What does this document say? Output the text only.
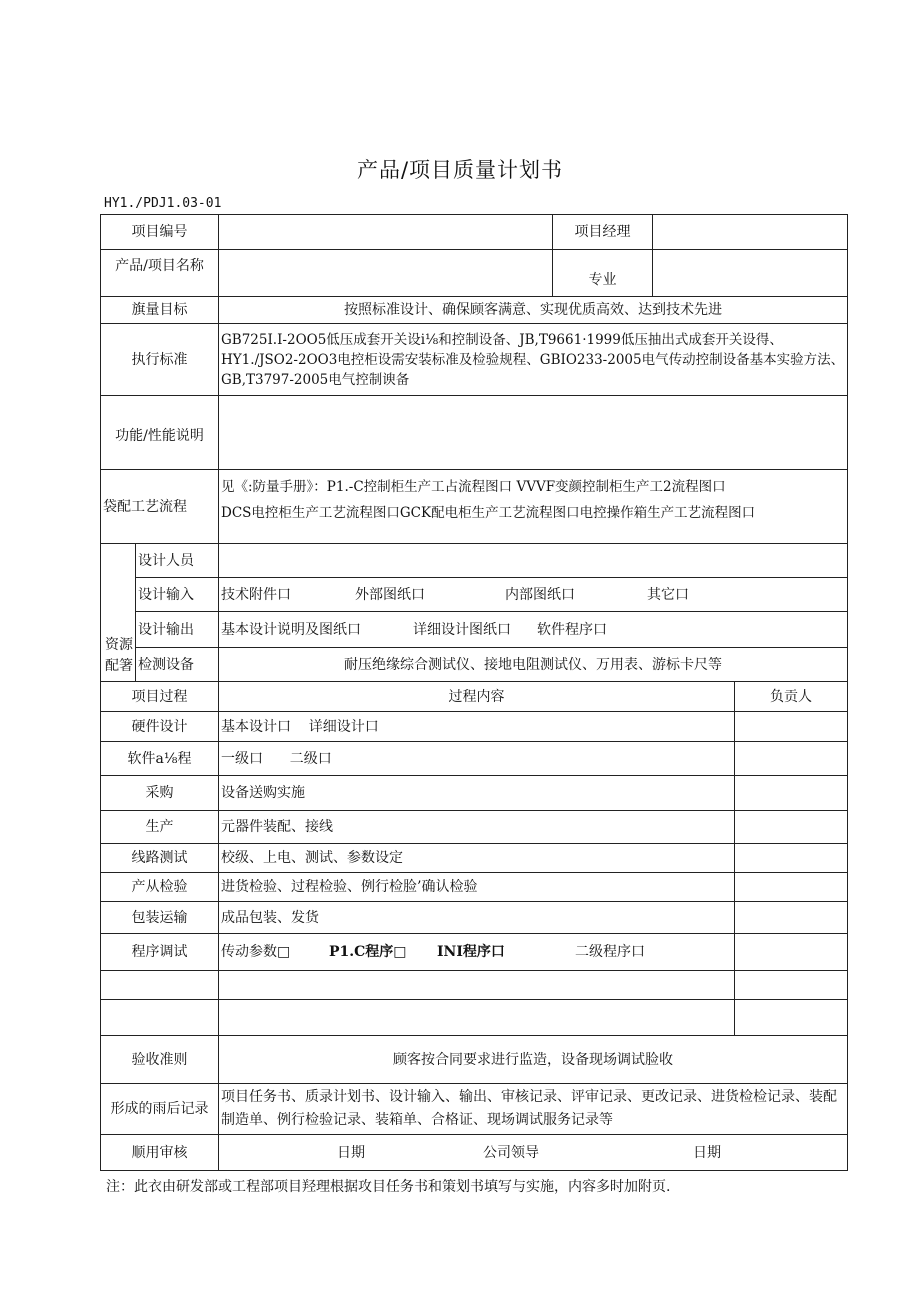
产品/项目质量计划书
HY1./PDJ1.03-01
项目编号			项目经理		
产品/项目名称			专业		
旗量目标		按照标准设计、确保顾客满意、实现优质高效、达到技术先进			
执行标准		GB725I.I-2OO5低压成套开关设i⅛和控制设备、JB,T9661·1999低压抽出式成套开关设得、HY1./JSO2-2OO3电控柜设需安装标准及检验规程、GBIO233-2005电气传动控制设备基本实验方法、GB,T3797-2005电气控制谀备			
功能/性能说明					
袋配工艺流程		见《:防量手册》：P1.-C控制柜生产工占流程图口 VVVF变颜控制柜生产工2流程图口
DCS电控柜生产工艺流程图口GCK配电柜生产工艺流程图口电控操作箱生产工艺流程图口			

资源配箸	设计人员				
	设计输入	技术附件口 外部图纸口 内部图纸口 其它口			
	设计输出	基本设计说明及图纸口 详细设计图纸口 软件程序口			
	检测设备	耐压绝缘综合测试仪、接地电阻测试仪、万用表、游标卡尺等			
项目过程		过程内容			负贡人
硬件设计		基本设计口    详细设计口			
软件a⅛程		一级口      二级口			
采购		设备送购实施			
生产		元器件装配、接线			
线路测试		校级、上电、测试、参数设定			
产从检验		进货检验、过程检验、例行检脸’确认检验			
包装运输		成品包装、发货			
程序调试		传动参数□ P1.C程序□ INI程序口 二级程序口			

验收准则		顾客按合同要求进行监造，设备现场调试脸收			
形成的雨后记录		项目任务书、质录计划书、设计输入、输出、审核记录、评审记录、更改记录、进货检检记录、装配制造单、例行检验记录、装箱单、合格证、现场调试服务记录等			
顺用审核		日期 公司领导 日期			
注：此衣由研发部或工程部项目羟理根据攻目任务书和策划书填写与实施，内容多时加附页.
